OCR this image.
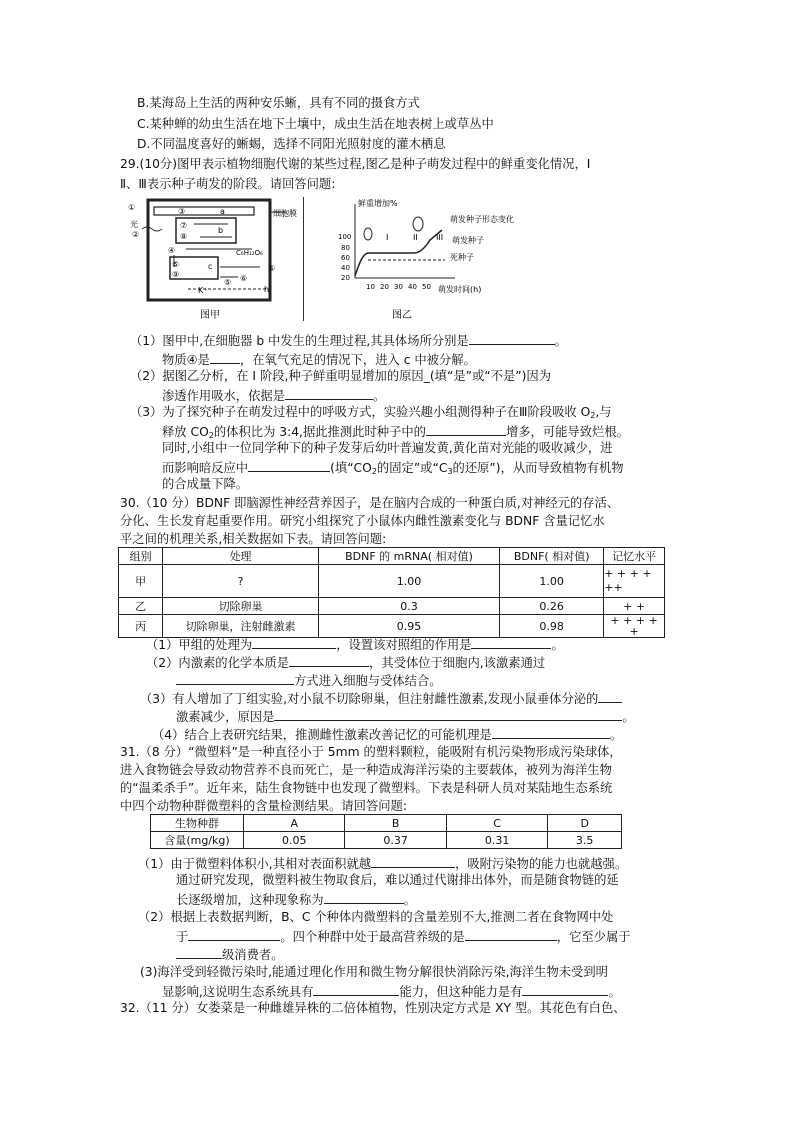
B.某海岛上生活的两种安乐蜥，具有不同的摄食方式
C.某种蝉的幼虫生活在地下土壤中，成虫生活在地表树上或草丛中
D.不同温度喜好的蜥蜴，选择不同阳光照射度的灌木栖息
29.(10分)图甲表示植物细胞代谢的某些过程,图乙是种子萌发过程中的鲜重变化情况，I
Ⅱ、Ⅲ表示种子萌发的阶段。请回答问题:
①
光
②
③	a
⑦
⑧
b
C₆H₁₂O₆
④
⑥
⑤
⑨
c
⑥
K⁺
⑤
h
细胞膜
图甲
鲜重增加%
萌发时间(h)
100
80
60
40
20
10 20 30 40 50
I	II III
萌发种子形态变化
萌发种子
死种子
图乙
（1）图甲中,在细胞器 b 中发生的生理过程,其具体场所分别是	。
物质④是 ，在氧气充足的情况下，进入 c 中被分解。
（2）据图乙分析，在 I 阶段,种子鲜重明显增加的原因_(填“是”或“不是”)因为
渗透作用吸水，依据是	。
（3）为了探究种子在萌发过程中的呼吸方式，实验兴趣小组测得种子在Ⅲ阶段吸收 $O_2$,与
释放 $CO_2$的体积比为 3:4,据此推测此时种子中的	增多，可能导致烂根。
同时,小组中一位同学种下的种子发芽后幼叶普遍发黄,黄化苗对光能的吸收减少，进
而影响暗反应中	(填“$CO_2$的固定”或“$C_3$的还原”)，从而导致植物有机物
的合成量下降。
30.（10 分）BDNF 即脑源性神经营养因子，是在脑内合成的一种蛋白质,对神经元的存活、
分化、生长发育起重要作用。研究小组探究了小鼠体内雌性激素变化与 BDNF 含量记忆水
平之间的机理关系,相关数据如下表。请回答问题:
组别	处理	BDNF 的 mRNA( 相对值)	BDNF( 相对值)	记忆水平
甲	?	1.00	1.00	+ + + +
++

乙	切除卵巢	0.3	0.26	+ +
丙	切除卵巢，注射雌激素	0.95	0.98	+ + + + +
（1）甲组的处理为	，设置该对照组的作用是	。
（2）内激素的化学本质是	，其受体位于细胞内,该激素通过
方式进入细胞与受体结合。
（3）有人增加了丁组实验,对小鼠不切除卵巢，但注射雌性激素,发现小鼠垂体分泌的
激素减少，原因是	。
（4）结合上表研究结果，推测雌性激素改善记忆的可能机理是	。
31.（8 分）“微塑料”是一种直径小于 5mm 的塑料颗粒，能吸附有机污染物形成污染球体，
进入食物链会导致动物营养不良而死亡，是一种造成海洋污染的主要载体，被列为海洋生物
的“温柔杀手”。近年来，陆生食物链中也发现了微塑料。下表是科研人员对某陆地生态系统
中四个动物种群微塑料的含量检测结果。请回答问题:
生物种群	A	B	C	D
含量(mg/kg)	0.05	0.37	0.31	3.5
（1）由于微塑料体积小,其相对表面积就越	，吸附污染物的能力也就越强。
通过研究发现，微塑料被生物取食后，难以通过代谢排出体外，而是随食物链的延
长逐级增加，这种现象称为	。
（2）根据上表数据判断，B、C 个种体内微塑料的含量差别不大,推测二者在食物网中处
于	。四个种群中处于最高营养级的是	，它至少属于
级消费者。
(3)海洋受到轻微污染时,能通过理化作用和微生物分解很快消除污染,海洋生物未受到明
显影响,这说明生态系统具有	能力，但这种能力是有	。
32.（11 分）女娄菜是一种雌雄异株的二倍体植物，性别决定方式是 XY 型。其花色有白色、
